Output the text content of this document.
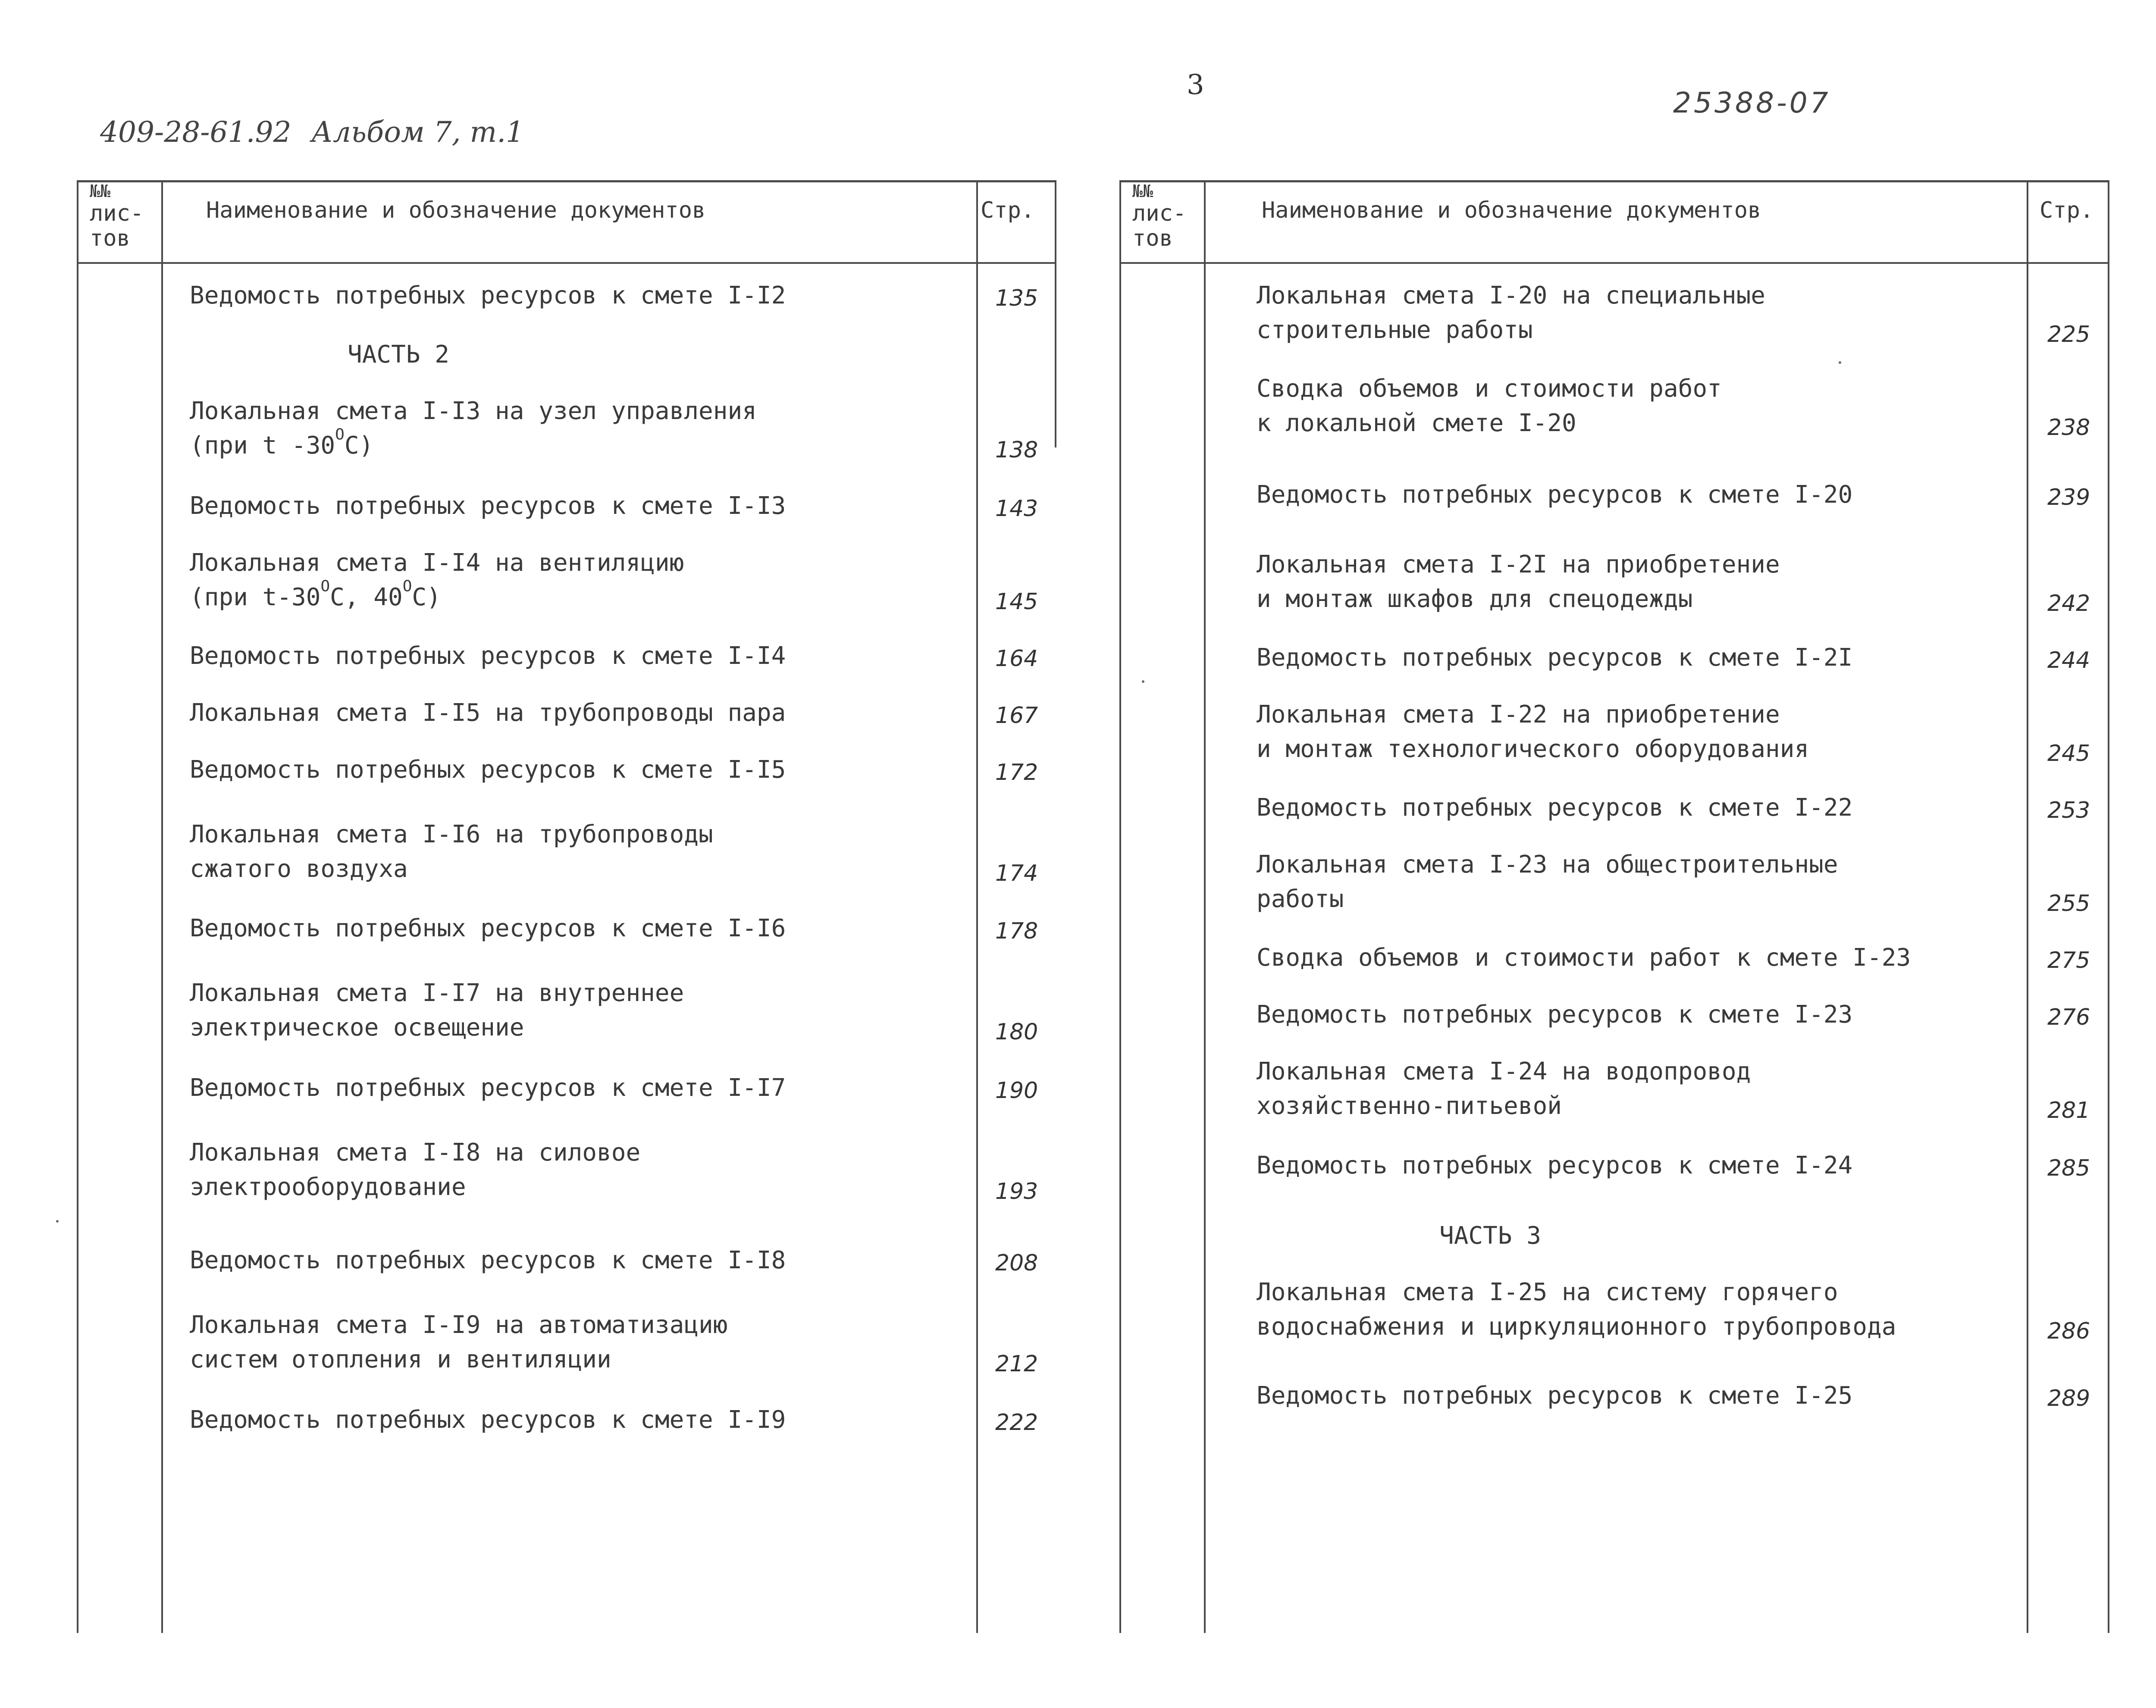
409-28-61.92 Альбом 7, т.1
3
25388-07
№№
лис-
тов
Наименование и обозначение документов	Стр.
Ведомость потребных ресурсов к смете I-I2	135
ЧАСТЬ 2
Локальная смета I-I3 на узел управления
(при t $-30^OC$)	138
Ведомость потребных ресурсов к смете I-I3	143
Локальная смета I-I4 на вентиляцию
(при $t-30^OC$, $40^OC$)	145
Ведомость потребных ресурсов к смете I-I4	164
Локальная смета I-I5 на трубопроводы пара	167
Ведомость потребных ресурсов к смете I-I5	172
Локальная смета I-I6 на трубопроводы
сжатого воздуха	174
Ведомость потребных ресурсов к смете I-I6	178
Локальная смета I-I7 на внутреннее
электрическое освещение	180
Ведомость потребных ресурсов к смете I-I7	190
Локальная смета I-I8 на силовое
электрооборудование	193
Ведомость потребных ресурсов к смете I-I8	208
Локальная смета I-I9 на автоматизацию
систем отопления и вентиляции	212
Ведомость потребных ресурсов к смете I-I9	222
№№
лис-
тов
Наименование и обозначение документов	Стр.
Локальная смета I-20 на специальные
строительные работы	225
Сводка объемов и стоимости работ
к локальной смете I-20	238
Ведомость потребных ресурсов к смете I-20	239
Локальная смета I-2I на приобретение
и монтаж шкафов для спецодежды	242
Ведомость потребных ресурсов к смете I-2I	244
Локальная смета I-22 на приобретение
и монтаж технологического оборудования	245
Ведомость потребных ресурсов к смете I-22	253
Локальная смета I-23 на общестроительные
работы	255
Сводка объемов и стоимости работ к смете I-23	275
Ведомость потребных ресурсов к смете I-23	276
Локальная смета I-24 на водопровод
хозяйственно-питьевой	281
Ведомость потребных ресурсов к смете I-24	285
ЧАСТЬ 3
Локальная смета I-25 на систему горячего
водоснабжения и циркуляционного трубопровода	286
Ведомость потребных ресурсов к смете I-25	289
